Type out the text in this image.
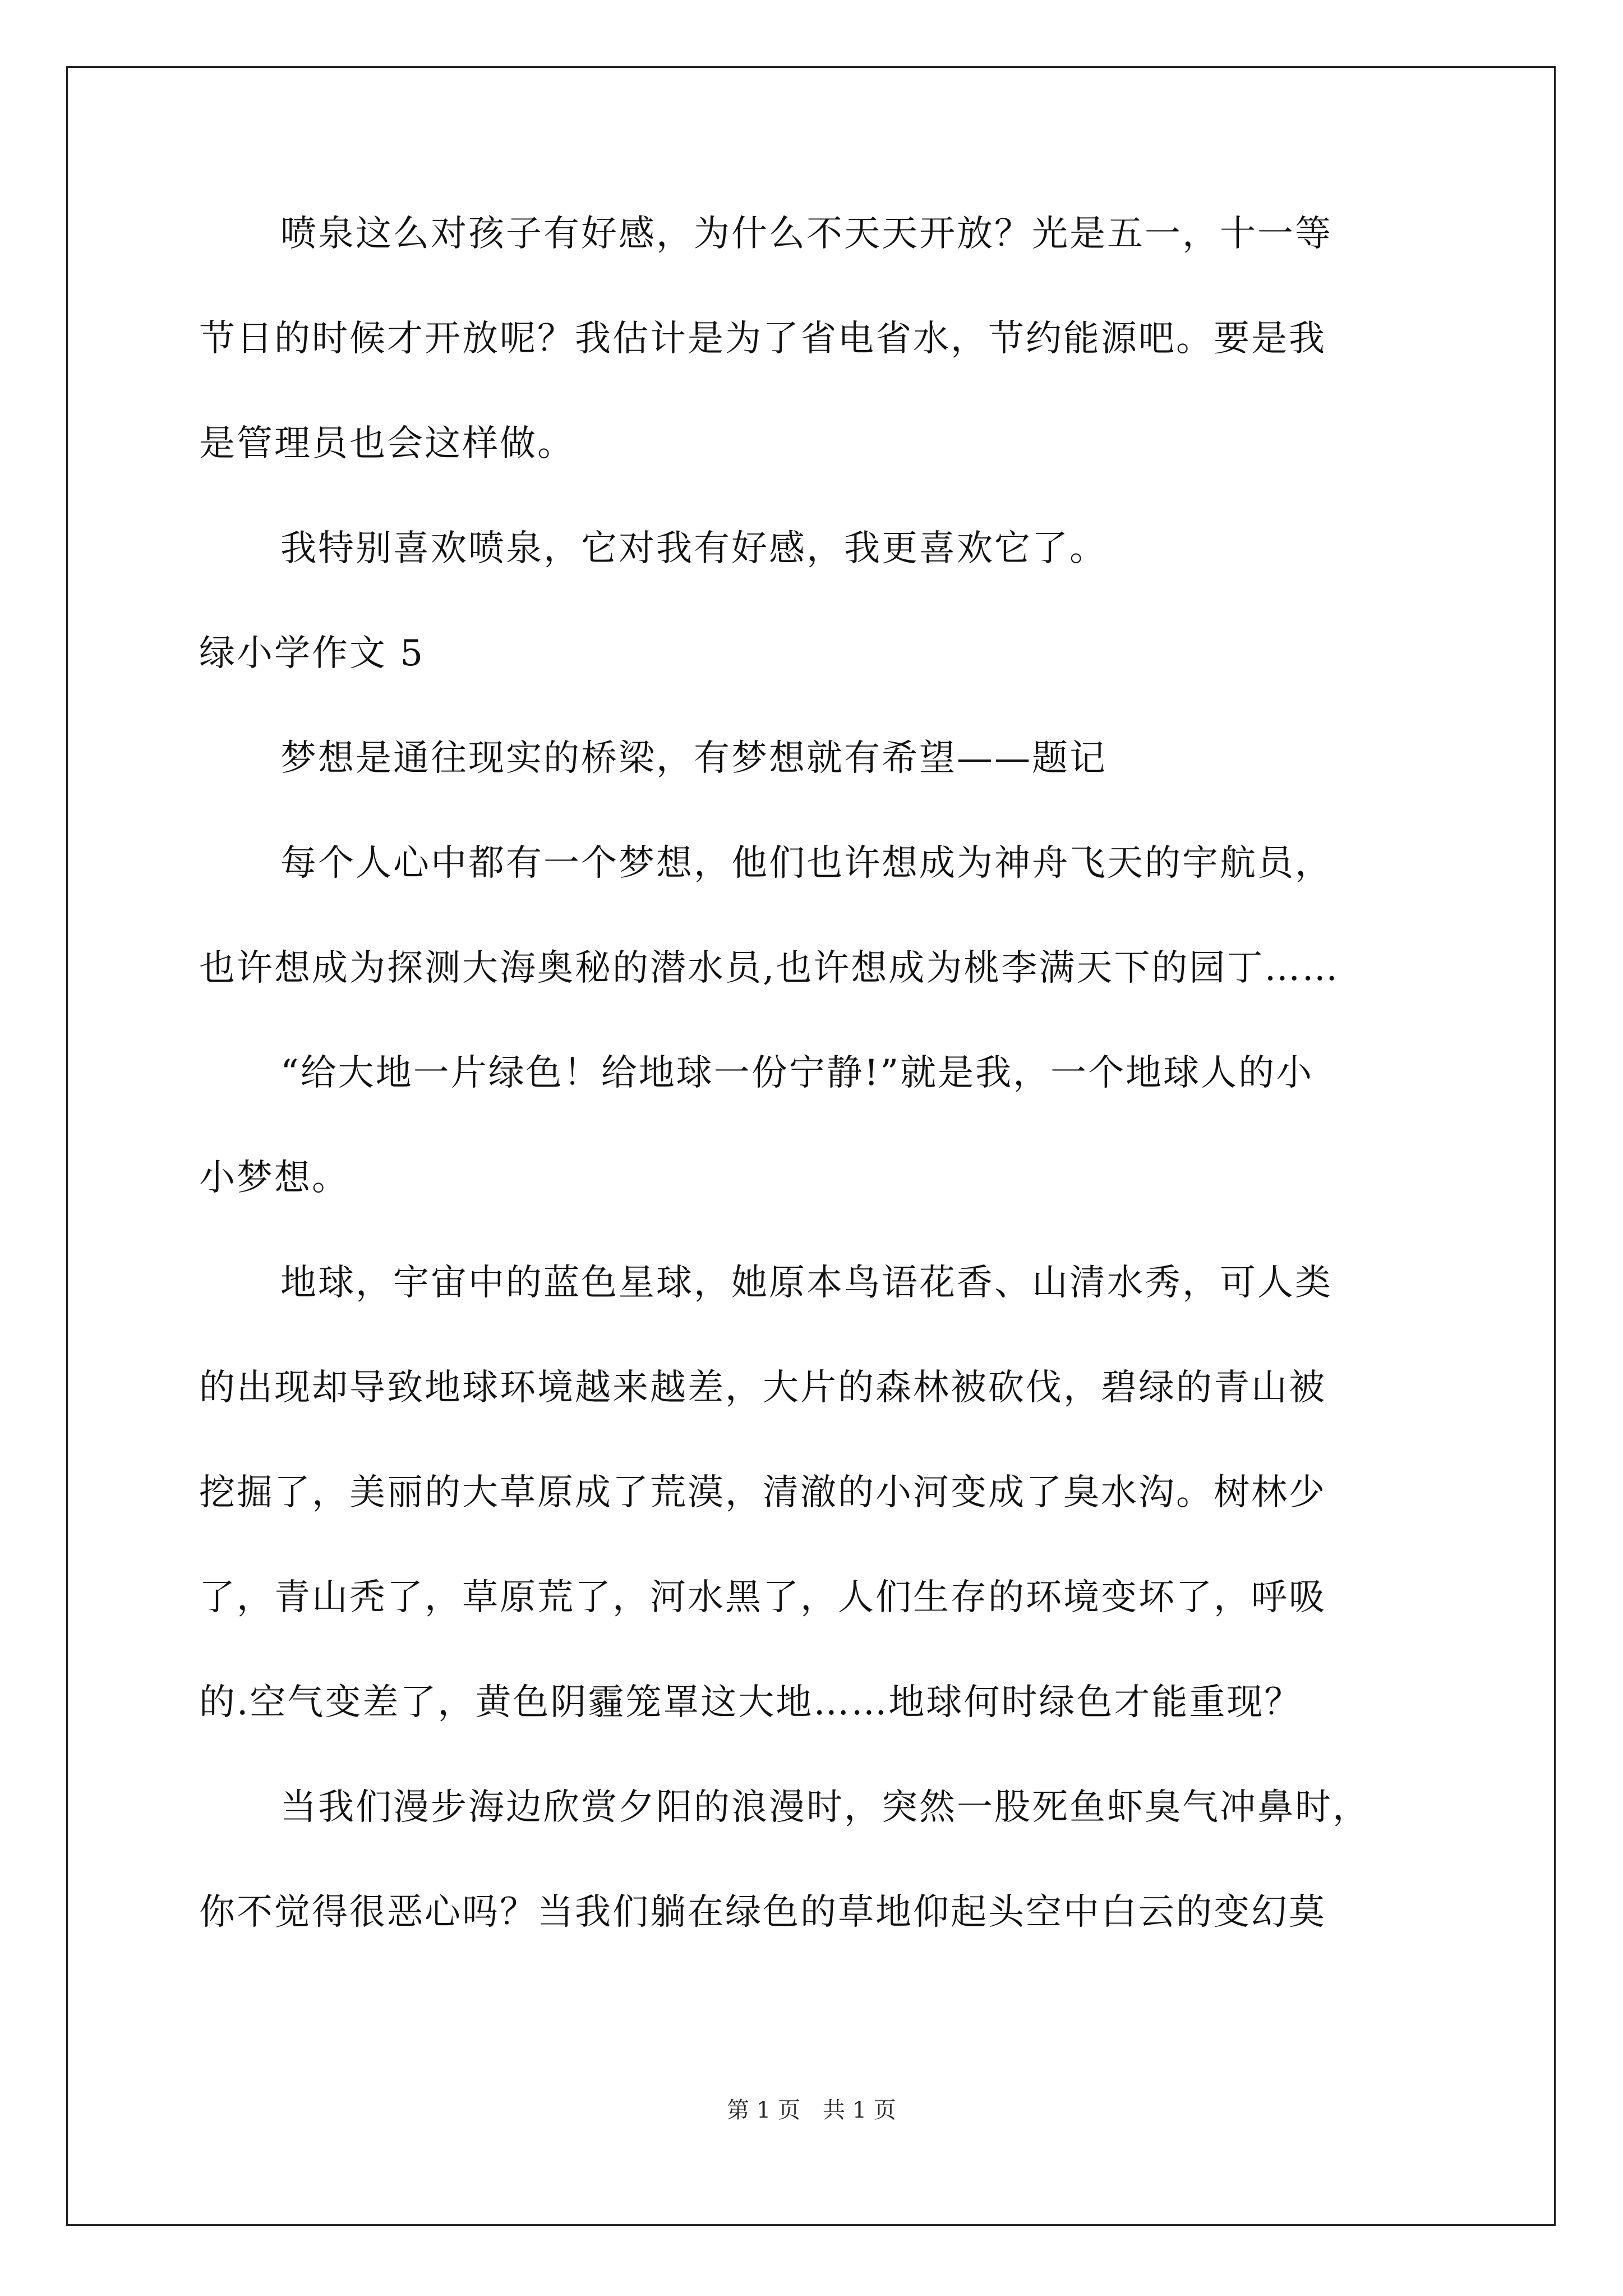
喷泉这么对孩子有好感，为什么不天天开放？光是五一，十一等
节日的时候才开放呢？我估计是为了省电省水，节约能源吧。要是我
是管理员也会这样做。
我特别喜欢喷泉，它对我有好感，我更喜欢它了。
绿小学作文 5
梦想是通往现实的桥梁，有梦想就有希望——题记
每个人心中都有一个梦想，他们也许想成为神舟飞天的宇航员，
也许想成为探测大海奥秘的潜水员,也许想成为桃李满天下的园丁……
“给大地一片绿色！给地球一份宁静!”就是我，一个地球人的小
小梦想。
地球，宇宙中的蓝色星球，她原本鸟语花香、山清水秀，可人类
的出现却导致地球环境越来越差，大片的森林被砍伐，碧绿的青山被
挖掘了，美丽的大草原成了荒漠，清澈的小河变成了臭水沟。树林少
了，青山秃了，草原荒了，河水黑了，人们生存的环境变坏了，呼吸
的.空气变差了，黄色阴霾笼罩这大地……地球何时绿色才能重现？
当我们漫步海边欣赏夕阳的浪漫时，突然一股死鱼虾臭气冲鼻时，
你不觉得很恶心吗？当我们躺在绿色的草地仰起头空中白云的变幻莫
第 1 页　共 1 页
